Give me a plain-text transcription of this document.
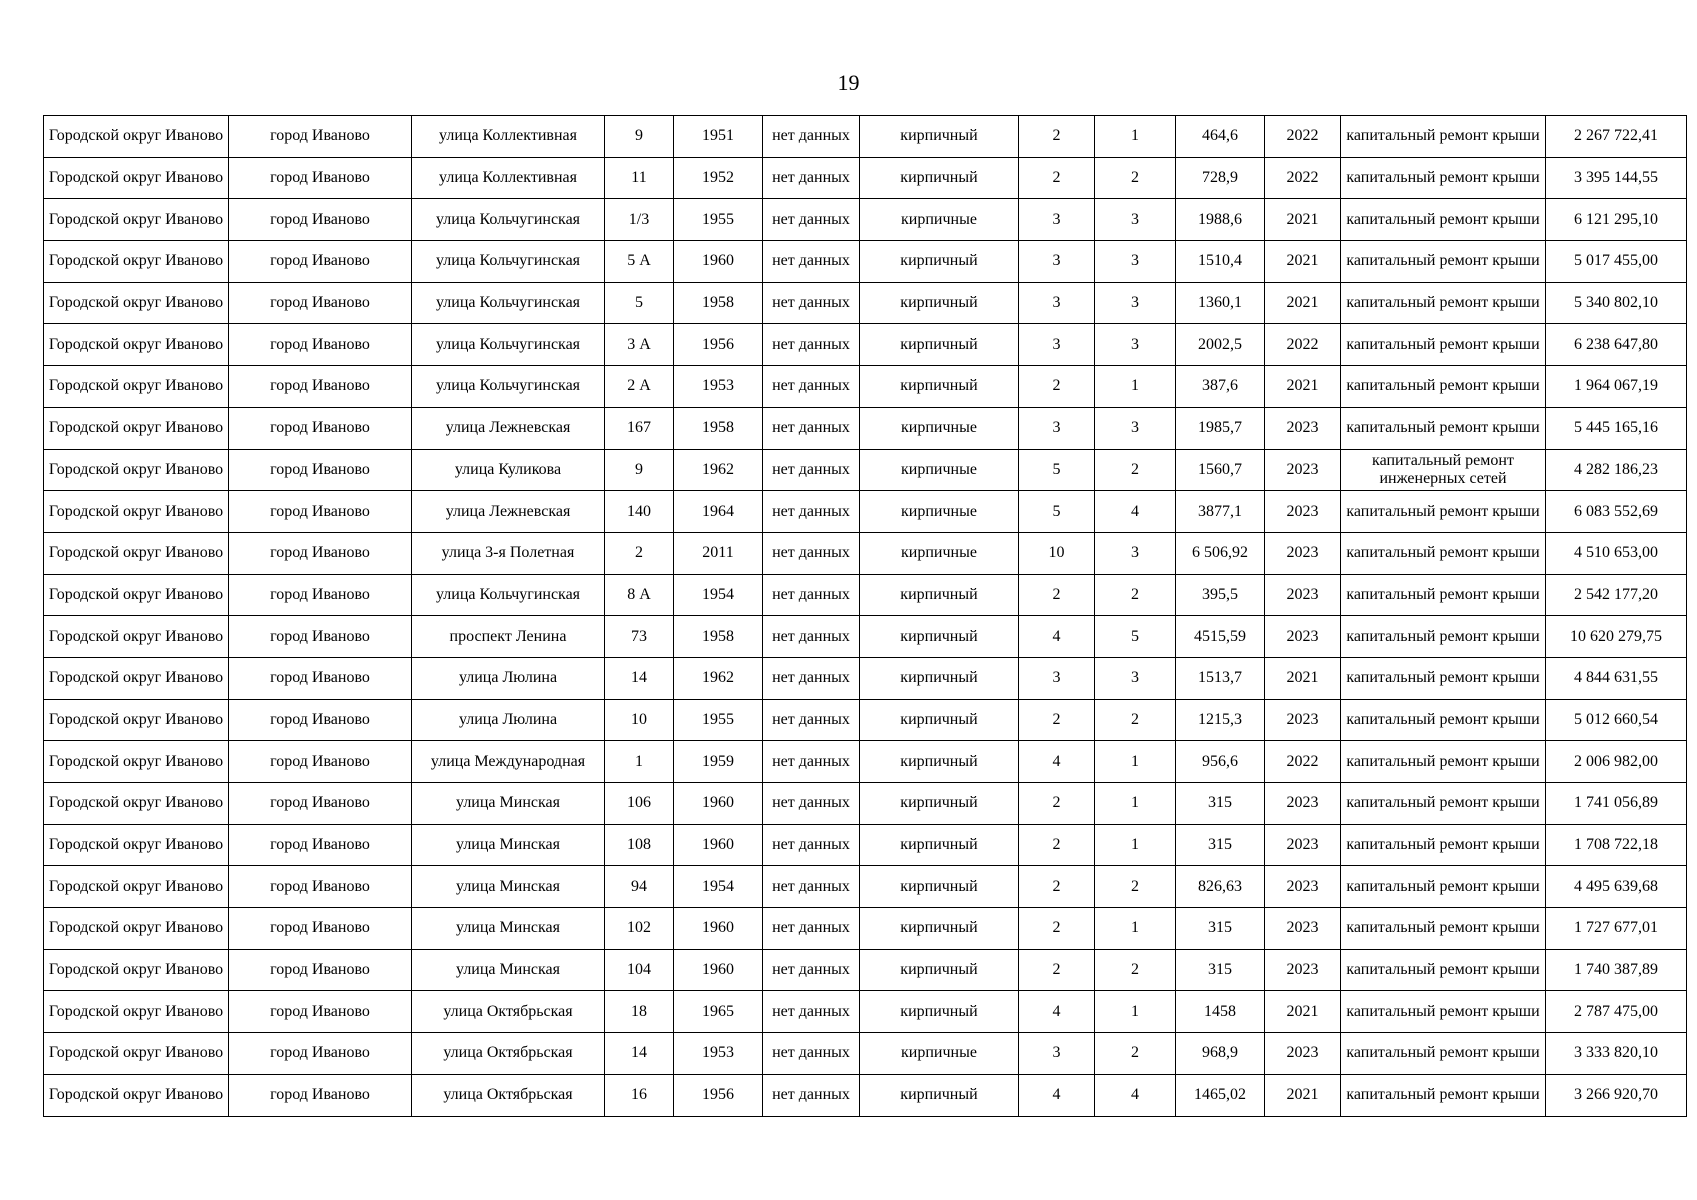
19
Городской округ Иваново	город Иваново	улица Коллективная	9	1951	нет данных	кирпичный	2	1	464,6	2022	капитальный ремонт крыши	2 267 722,41
Городской округ Иваново	город Иваново	улица Коллективная	11	1952	нет данных	кирпичный	2	2	728,9	2022	капитальный ремонт крыши	3 395 144,55
Городской округ Иваново	город Иваново	улица Кольчугинская	1/3	1955	нет данных	кирпичные	3	3	1988,6	2021	капитальный ремонт крыши	6 121 295,10
Городской округ Иваново	город Иваново	улица Кольчугинская	5 А	1960	нет данных	кирпичный	3	3	1510,4	2021	капитальный ремонт крыши	5 017 455,00
Городской округ Иваново	город Иваново	улица Кольчугинская	5	1958	нет данных	кирпичный	3	3	1360,1	2021	капитальный ремонт крыши	5 340 802,10
Городской округ Иваново	город Иваново	улица Кольчугинская	3 А	1956	нет данных	кирпичный	3	3	2002,5	2022	капитальный ремонт крыши	6 238 647,80
Городской округ Иваново	город Иваново	улица Кольчугинская	2 А	1953	нет данных	кирпичный	2	1	387,6	2021	капитальный ремонт крыши	1 964 067,19
Городской округ Иваново	город Иваново	улица Лежневская	167	1958	нет данных	кирпичные	3	3	1985,7	2023	капитальный ремонт крыши	5 445 165,16
Городской округ Иваново	город Иваново	улица Куликова	9	1962	нет данных	кирпичные	5	2	1560,7	2023	капитальный ремонт инженерных сетей	4 282 186,23
Городской округ Иваново	город Иваново	улица Лежневская	140	1964	нет данных	кирпичные	5	4	3877,1	2023	капитальный ремонт крыши	6 083 552,69
Городской округ Иваново	город Иваново	улица 3-я Полетная	2	2011	нет данных	кирпичные	10	3	6 506,92	2023	капитальный ремонт крыши	4 510 653,00
Городской округ Иваново	город Иваново	улица Кольчугинская	8 А	1954	нет данных	кирпичный	2	2	395,5	2023	капитальный ремонт крыши	2 542 177,20
Городской округ Иваново	город Иваново	проспект Ленина	73	1958	нет данных	кирпичный	4	5	4515,59	2023	капитальный ремонт крыши	10 620 279,75
Городской округ Иваново	город Иваново	улица Люлина	14	1962	нет данных	кирпичный	3	3	1513,7	2021	капитальный ремонт крыши	4 844 631,55
Городской округ Иваново	город Иваново	улица Люлина	10	1955	нет данных	кирпичный	2	2	1215,3	2023	капитальный ремонт крыши	5 012 660,54
Городской округ Иваново	город Иваново	улица Международная	1	1959	нет данных	кирпичный	4	1	956,6	2022	капитальный ремонт крыши	2 006 982,00
Городской округ Иваново	город Иваново	улица Минская	106	1960	нет данных	кирпичный	2	1	315	2023	капитальный ремонт крыши	1 741 056,89
Городской округ Иваново	город Иваново	улица Минская	108	1960	нет данных	кирпичный	2	1	315	2023	капитальный ремонт крыши	1 708 722,18
Городской округ Иваново	город Иваново	улица Минская	94	1954	нет данных	кирпичный	2	2	826,63	2023	капитальный ремонт крыши	4 495 639,68
Городской округ Иваново	город Иваново	улица Минская	102	1960	нет данных	кирпичный	2	1	315	2023	капитальный ремонт крыши	1 727 677,01
Городской округ Иваново	город Иваново	улица Минская	104	1960	нет данных	кирпичный	2	2	315	2023	капитальный ремонт крыши	1 740 387,89
Городской округ Иваново	город Иваново	улица Октябрьская	18	1965	нет данных	кирпичный	4	1	1458	2021	капитальный ремонт крыши	2 787 475,00
Городской округ Иваново	город Иваново	улица Октябрьская	14	1953	нет данных	кирпичные	3	2	968,9	2023	капитальный ремонт крыши	3 333 820,10
Городской округ Иваново	город Иваново	улица Октябрьская	16	1956	нет данных	кирпичный	4	4	1465,02	2021	капитальный ремонт крыши	3 266 920,70
